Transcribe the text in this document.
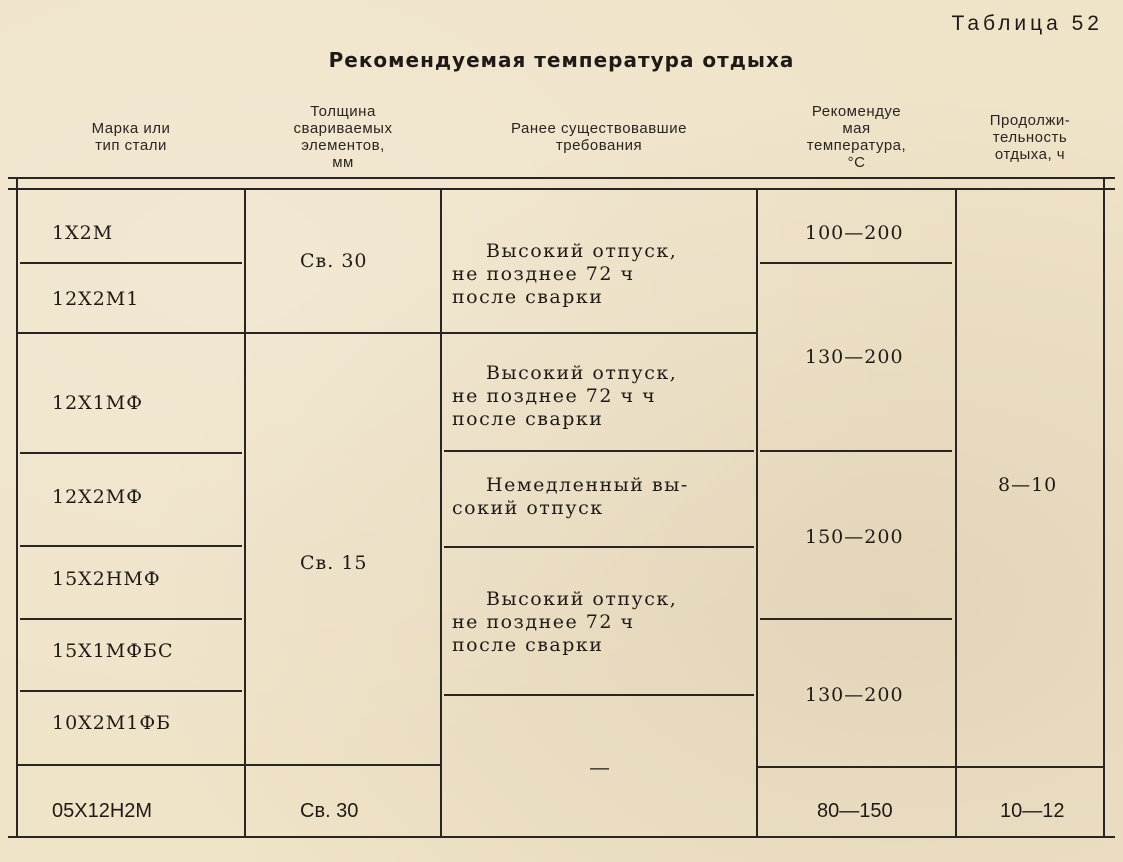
Таблица 52
Рекомендуемая температура отдыха
Марка или
тип стали
Толщина
свариваемых
элементов,
мм
Ранее существовавшие
требования
Рекомендуе
мая
температура,
°С
Продолжи-
тельность
отдыха, ч
1Х2М
12Х2М1
12Х1МФ
12Х2МФ
15Х2НМФ
15Х1МФБС
10Х2М1ФБ
05Х12Н2М
Св. 30
Св. 15
Св. 30
Высокий отпуск,
не позднее 72 ч
после сварки
Высокий отпуск,
не позднее 72 ч ч
после сварки
Немедленный вы-
сокий отпуск
Высокий отпуск,
не позднее 72 ч
после сварки
—
100—200
130—200
150—200
130—200
80—150
8—10
10—12
